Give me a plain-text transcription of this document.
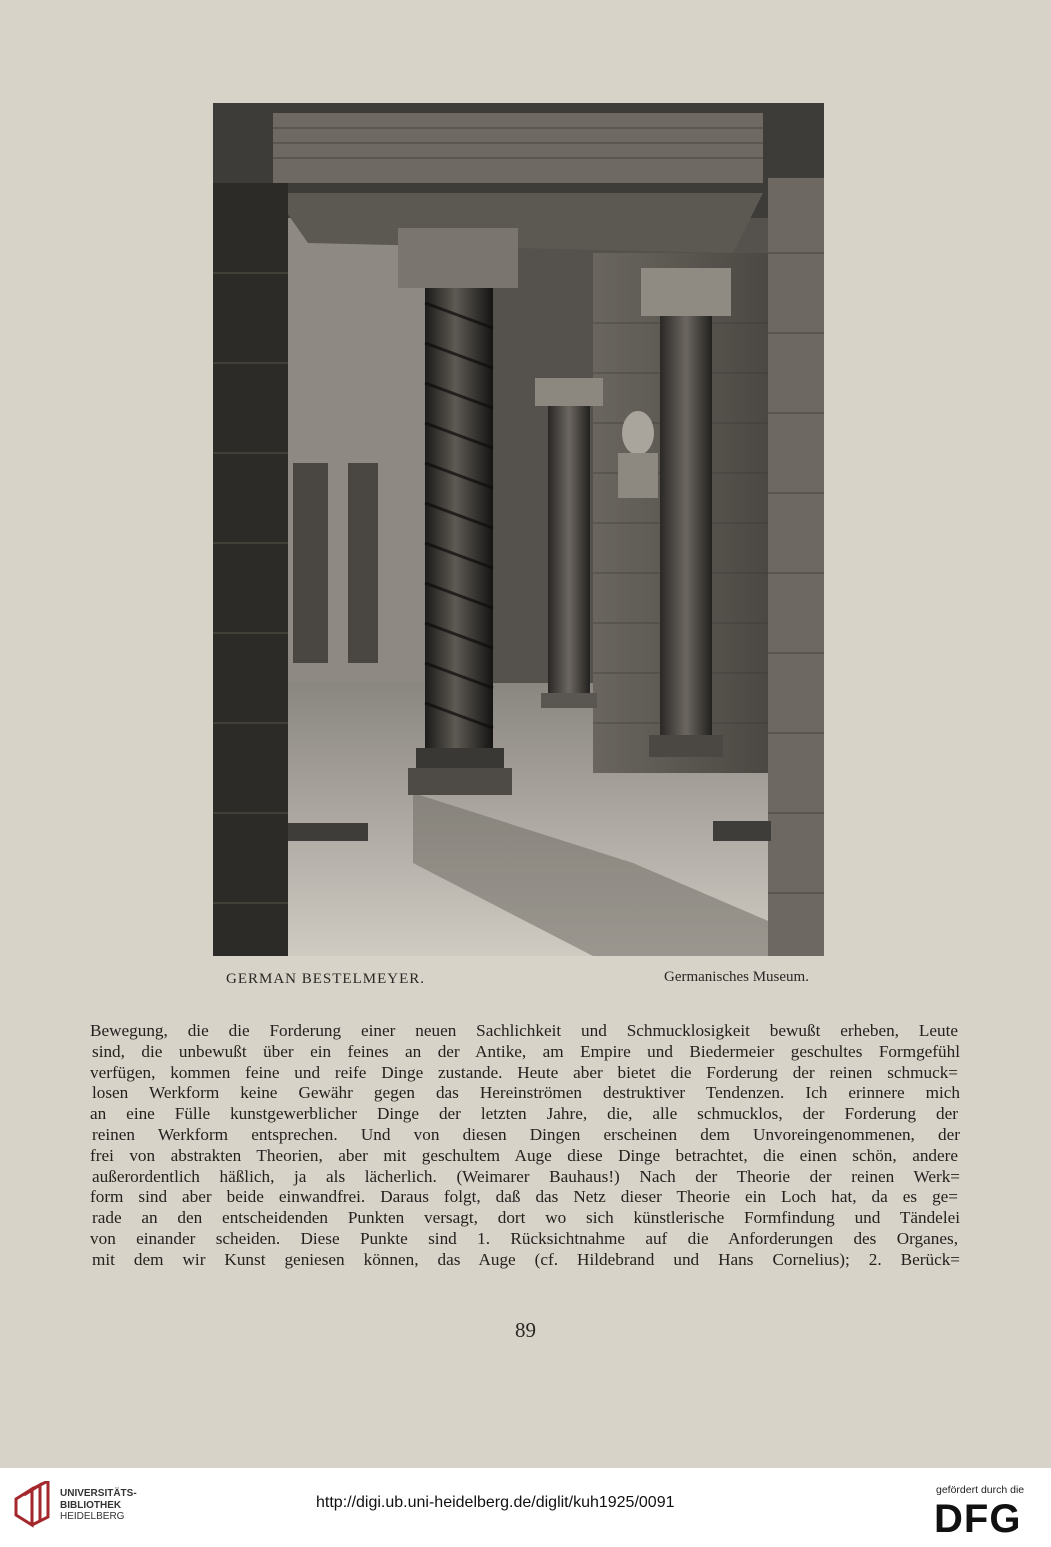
GERMAN BESTELMEYER.	Germanisches Museum.
Bewegung, die die Forderung einer neuen Sachlichkeit und Schmucklosigkeit bewußt erheben, Leute
sind, die unbewußt über ein feines an der Antike, am Empire und Biedermeier geschultes Formgefühl
verfügen, kommen feine und reife Dinge zustande. Heute aber bietet die Forderung der reinen schmuck=
losen Werkform keine Gewähr gegen das Hereinströmen destruktiver Tendenzen. Ich erinnere mich
an eine Fülle kunstgewerblicher Dinge der letzten Jahre, die, alle schmucklos, der Forderung der
reinen Werkform entsprechen. Und von diesen Dingen erscheinen dem Unvoreingenommenen, der
frei von abstrakten Theorien, aber mit geschultem Auge diese Dinge betrachtet, die einen schön, andere
außerordentlich häßlich, ja als lächerlich. (Weimarer Bauhaus!) Nach der Theorie der reinen Werk=
form sind aber beide einwandfrei. Daraus folgt, daß das Netz dieser Theorie ein Loch hat, da es ge=
rade an den entscheidenden Punkten versagt, dort wo sich künstlerische Formfindung und Tändelei
von einander scheiden. Diese Punkte sind 1. Rücksichtnahme auf die Anforderungen des Organes,
mit dem wir Kunst geniesen können, das Auge (cf. Hildebrand und Hans Cornelius); 2. Berück=
89
UNIVERSITÄTS-
BIBLIOTHEK
HEIDELBERG
http://digi.ub.uni-heidelberg.de/diglit/kuh1925/0091
gefördert durch die
DFG
